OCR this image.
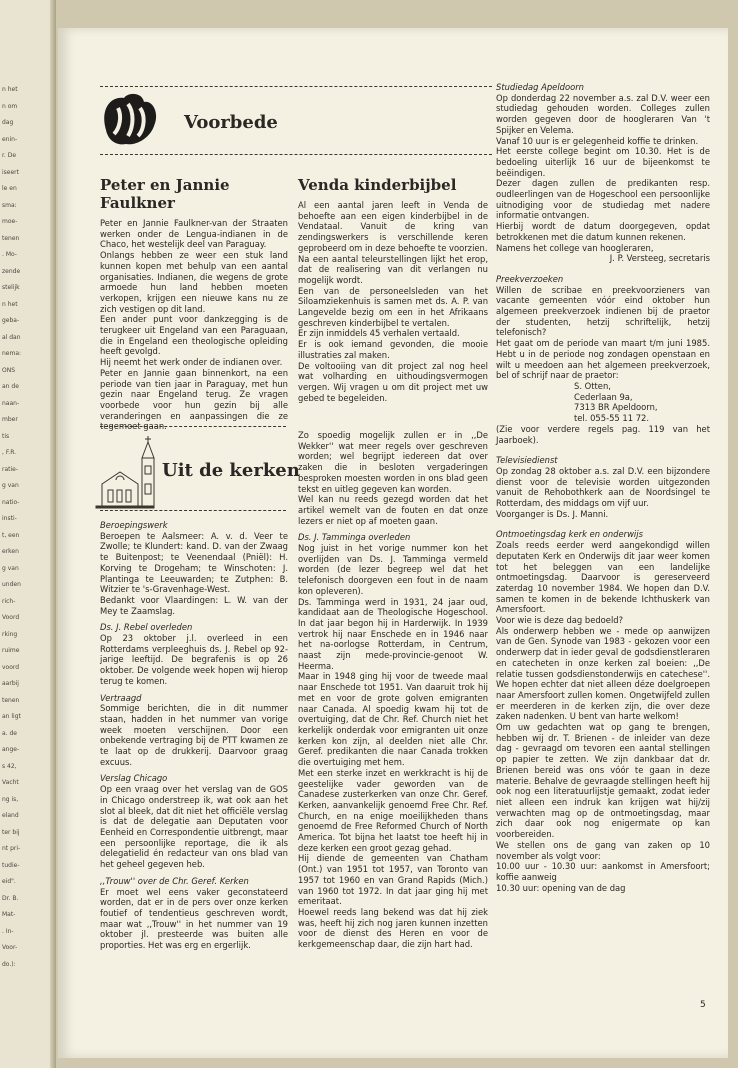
n het
n om
dag
enin-
r. De
iseert
le en
sma:
moe-
tenen
. Mo-
zende
stelijk
n het
geba-
al dan
nema:
ONS
an de
naan-
mber
tis
, F.R.
ratie-
g van
natio-
insti-
t, een
erken
g van
unden
rich-
Voord
rking
ruime
voord
aarbij
tenen
an ligt
a. de
ange-
s 42,
Vacht
ng is,
eland
ter bij
nt pri-
tudie-
eid".
Dr. B.
Mat-
. In-
Voor-
do.):
Voorbede
Uit de kerken
Peter en Jannie Faulkner

Peter en Jannie Faulkner-van der Straaten werken onder de Lengua-indianen in de Chaco, het westelijk deel van Paraguay.

Onlangs hebben ze weer een stuk land kunnen kopen met behulp van een aantal organisaties. Indianen, die wegens de grote armoede hun land hebben moeten verkopen, krijgen een nieuwe kans nu ze zich vestigen op dit land.

Een ander punt voor dankzegging is de terugkeer uit Engeland van een Paraguaan, die in Engeland een theologische opleiding heeft gevolgd.

Hij neemt het werk onder de indianen over.

Peter en Jannie gaan binnenkort, na een periode van tien jaar in Paraguay, met hun gezin naar Engeland terug. Ze vragen voorbede voor hun gezin bij alle veranderingen en aanpassingen die ze tegemoet gaan.

Venda kinderbijbel

Al een aantal jaren leeft in Venda de behoefte aan een eigen kinderbijbel in de Vendataal. Vanuit de kring van zendingswerkers is verschillende keren geprobeerd om in deze behoefte te voorzien.

Na een aantal teleurstellingen lijkt het erop, dat de realisering van dit verlangen nu mogelijk wordt.

Een van de personeelsleden van het Siloamziekenhuis is samen met ds. A. P. van Langevelde bezig om een in het Afrikaans geschreven kinderbijbel te vertalen.

Er zijn inmiddels 45 verhalen vertaald.

Er is ook iemand gevonden, die mooie illustraties zal maken.

De voltooiing van dit project zal nog heel wat volharding en uithoudingsvermogen vergen. Wij vragen u om dit project met uw gebed te begeleiden.

Beroepingswerk

Beroepen te Aalsmeer: A. v. d. Veer te Zwolle; te Klundert: kand. D. van der Zwaag te Buitenpost; te Veenendaal (Pniël): H. Korving te Drogeham; te Winschoten: J. Plantinga te Leeuwarden; te Zutphen: B. Witzier te 's-Gravenhage-West.

Bedankt voor Vlaardingen: L. W. van der Mey te Zaamslag.

Ds. J. Rebel overleden

Op 23 oktober j.l. overleed in een Rotterdams verpleeghuis ds. J. Rebel op 92-jarige leeftijd. De begrafenis is op 26 oktober. De volgende week hopen wij hierop terug te komen.

Vertraagd

Sommige berichten, die in dit nummer staan, hadden in het nummer van vorige week moeten verschijnen. Door een onbekende vertraging bij de PTT kwamen ze te laat op de drukkerij. Daarvoor graag excuus.

Verslag Chicago

Op een vraag over het verslag van de GOS in Chicago onderstreep ik, wat ook aan het slot al bleek, dat dit niet het officiële verslag is dat de delegatie aan Deputaten voor Eenheid en Correspondentie uitbrengt, maar een persoonlijke reportage, die ik als delegatielid én redacteur van ons blad van het geheel gegeven heb.

,,Trouw'' over de Chr. Geref. Kerken

Er moet wel eens vaker geconstateerd worden, dat er in de pers over onze kerken foutief of tendentieus geschreven wordt, maar wat ,,Trouw'' in het nummer van 19 oktober jl. presteerde was buiten alle proporties. Het was erg en ergerlijk.

Zo spoedig mogelijk zullen er in ,,De Wekker'' wat meer regels over geschreven worden; wel begrijpt iedereen dat over zaken die in besloten vergaderingen besproken moesten worden in ons blad geen tekst en uitleg gegeven kan worden.

Wel kan nu reeds gezegd worden dat het artikel wemelt van de fouten en dat onze lezers er niet op af moeten gaan.

Ds. J. Tamminga overleden

Nog juist in het vorige nummer kon het overlijden van Ds. J. Tamminga vermeld worden (de lezer begreep wel dat het telefonisch doorgeven een fout in de naam kon opleveren).

Ds. Tamminga werd in 1931, 24 jaar oud, kandidaat aan de Theologische Hogeschool. In dat jaar begon hij in Harderwijk. In 1939 vertrok hij naar Enschede en in 1946 naar het na-oorlogse Rotterdam, in Centrum, naast zijn mede-provincie-genoot W. Heerma.

Maar in 1948 ging hij voor de tweede maal naar Enschede tot 1951. Van daaruit trok hij met en voor de grote golven emigranten naar Canada. Al spoedig kwam hij tot de overtuiging, dat de Chr. Ref. Church niet het kerkelijk onderdak voor emigranten uit onze kerken kon zijn, al deelden niet alle Chr. Geref. predikanten die naar Canada trokken die overtuiging met hem.

Met een sterke inzet en werkkracht is hij de geestelijke vader geworden van de Canadese zusterkerken van onze Chr. Geref. Kerken, aanvankelijk genoemd Free Chr. Ref. Church, en na enige moeilijkheden thans genoemd de Free Reformed Church of North America. Tot bijna het laatst toe heeft hij in deze kerken een groot gezag gehad.

Hij diende de gemeenten van Chatham (Ont.) van 1951 tot 1957, van Toronto van 1957 tot 1960 en van Grand Rapids (Mich.) van 1960 tot 1972. In dat jaar ging hij met emeritaat.

Hoewel reeds lang bekend was dat hij ziek was, heeft hij zich nog jaren kunnen inzetten voor de dienst des Heren en voor de kerkgemeenschap daar, die zijn hart had.

Studiedag Apeldoorn

Op donderdag 22 november a.s. zal D.V. weer een studiedag gehouden worden. Colleges zullen worden gegeven door de hoogleraren Van 't Spijker en Velema.

Vanaf 10 uur is er gelegenheid koffie te drinken.

Het eerste college begint om 10.30. Het is de bedoeling uiterlijk 16 uur de bijeenkomst te beëindigen.

Dezer dagen zullen de predikanten resp. oudleerlingen van de Hogeschool een persoonlijke uitnodiging voor de studiedag met nadere informatie ontvangen.

Hierbij wordt de datum doorgegeven, opdat betrokkenen met die datum kunnen rekenen.

Namens het college van hoogleraren,

J. P. Versteeg, secretaris
Preekverzoeken

Willen de scribae en preekvoorzieners van vacante gemeenten vóór eind oktober hun algemeen preekverzoek indienen bij de praetor der studenten, hetzij schriftelijk, hetzij telefonisch?

Het gaat om de periode van maart t/m juni 1985. Hebt u in de periode nog zondagen openstaan en wilt u meedoen aan het algemeen preekverzoek, bel of schrijf naar de praetor:

S. Otten,
Cederlaan 9a,
7313 BR Apeldoorn,
tel. 055-55 11 72.
(Zie voor verdere regels pag. 119 van het Jaarboek).
Televisiedienst

Op zondag 28 oktober a.s. zal D.V. een bijzondere dienst voor de televisie worden uitgezonden vanuit de Rehobothkerk aan de Noordsingel te Rotterdam, des middags om vijf uur.

Voorganger is Ds. J. Manni.

Ontmoetingsdag kerk en onderwijs

Zoals reeds eerder werd aangekondigd willen deputaten Kerk en Onderwijs dit jaar weer komen tot het beleggen van een landelijke ontmoetingsdag. Daarvoor is gereserveerd zaterdag 10 november 1984. We hopen dan D.V. samen te komen in de bekende Ichthuskerk van Amersfoort.

Voor wie is deze dag bedoeld?

Als onderwerp hebben we - mede op aanwijzen van de Gen. Synode van 1983 - gekozen voor een onderwerp dat in ieder geval de godsdienstleraren en catecheten in onze kerken zal boeien: ,,De relatie tussen godsdienstonderwijs en catechese''. We hopen echter dat niet alleen déze doelgroepen naar Amersfoort zullen komen. Ongetwijfeld zullen er meerderen in de kerken zijn, die over deze zaken nadenken. U bent van harte welkom!

Om uw gedachten wat op gang te brengen, hebben wij dr. T. Brienen - de inleider van deze dag - gevraagd om tevoren een aantal stellingen op papier te zetten. We zijn dankbaar dat dr. Brienen bereid was ons vóór te gaan in deze materie. Behalve de gevraagde stellingen heeft hij ook nog een literatuurlijstje gemaakt, zodat ieder niet alleen een indruk kan krijgen wat hij/zij verwachten mag op de ontmoetingsdag, maar zich daar ook nog enigermate op kan voorbereiden.

We stellen ons de gang van zaken op 10 november als volgt voor:

10.00 uur - 10.30 uur: aankomst in Amersfoort; koffie aanweig

10.30 uur: opening van de dag

5
